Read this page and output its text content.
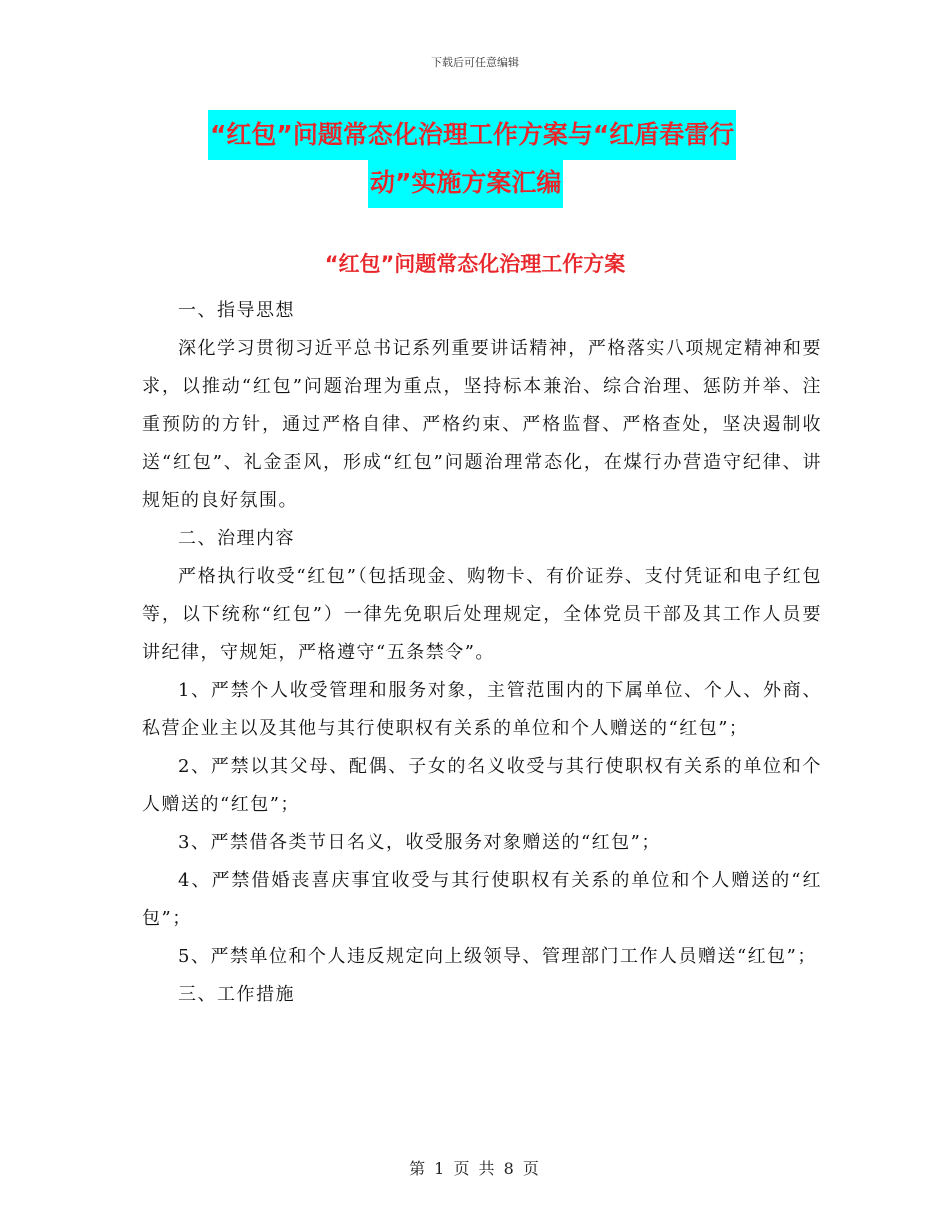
下载后可任意编辑
“红包”问题常态化治理工作方案与“红盾春雷行
动”实施方案汇编
“红包”问题常态化治理工作方案

一、指导思想

深化学习贯彻习近平总书记系列重要讲话精神，严格落实八项规定精神和要求，以推动“红包”问题治理为重点，坚持标本兼治、综合治理、惩防并举、注重预防的方针，通过严格自律、严格约束、严格监督、严格查处，坚决遏制收送“红包”、礼金歪风，形成“红包”问题治理常态化，在煤行办营造守纪律、讲规矩的良好氛围。

二、治理内容

严格执行收受“红包”（包括现金、购物卡、有价证券、支付凭证和电子红包等，以下统称“红包”）一律先免职后处理规定，全体党员干部及其工作人员要讲纪律，守规矩，严格遵守“五条禁令”。

1、严禁个人收受管理和服务对象，主管范围内的下属单位、个人、外商、私营企业主以及其他与其行使职权有关系的单位和个人赠送的“红包”；

2、严禁以其父母、配偶、子女的名义收受与其行使职权有关系的单位和个人赠送的“红包”；

3、严禁借各类节日名义，收受服务对象赠送的“红包”；

4、严禁借婚丧喜庆事宜收受与其行使职权有关系的单位和个人赠送的“红包”；

5、严禁单位和个人违反规定向上级领导、管理部门工作人员赠送“红包”；

三、工作措施

第 1 页 共 8 页
